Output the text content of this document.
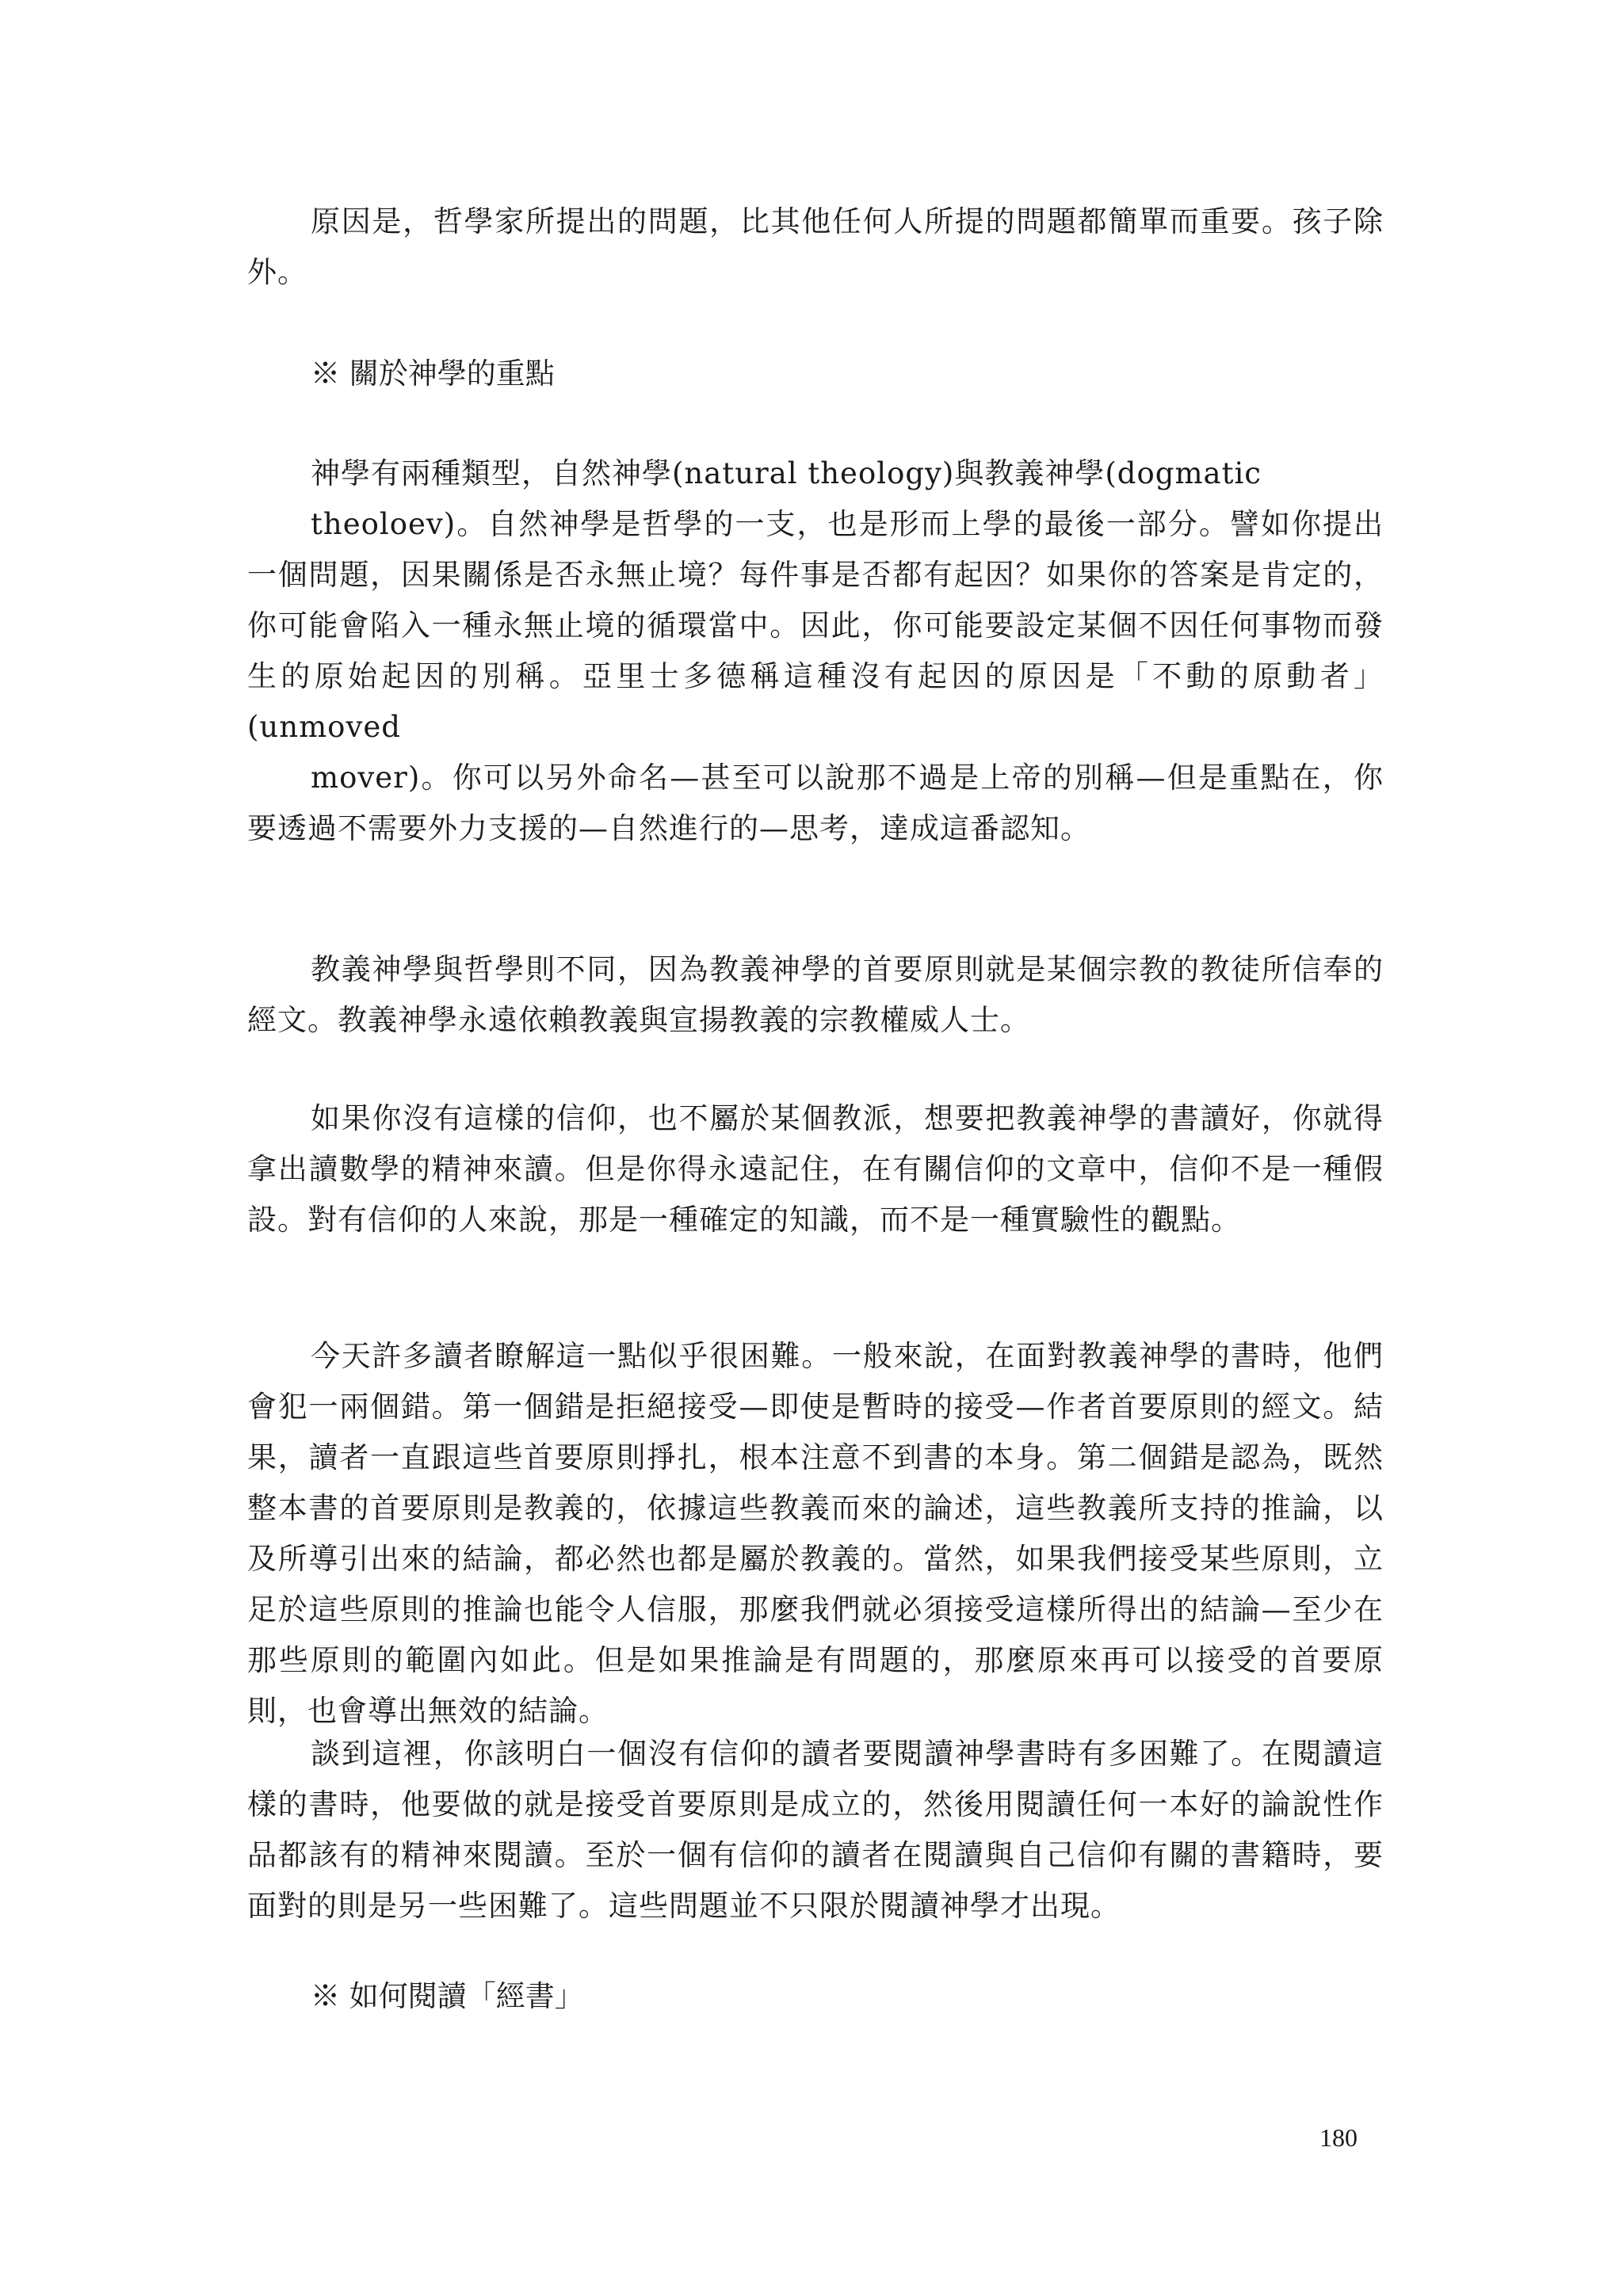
原因是，哲學家所提出的問題，比其他任何人所提的問題都簡單而重要。孩子除外。

※ 關於神學的重點

神學有兩種類型，自然神學(natural theology)與教義神學(dogmatic

theoloev)。自然神學是哲學的一支，也是形而上學的最後一部分。譬如你提出一個問題，因果關係是否永無止境？每件事是否都有起因？如果你的答案是肯定的，你可能會陷入一種永無止境的循環當中。因此，你可能要設定某個不因任何事物而發生的原始起因的別稱。亞里士多德稱這種沒有起因的原因是「不動的原動者」(unmoved

mover)。你可以另外命名—甚至可以說那不過是上帝的別稱—但是重點在，你要透過不需要外力支援的—自然進行的—思考，達成這番認知。

教義神學與哲學則不同，因為教義神學的首要原則就是某個宗教的教徒所信奉的經文。教義神學永遠依賴教義與宣揚教義的宗教權威人士。

如果你沒有這樣的信仰，也不屬於某個教派，想要把教義神學的書讀好，你就得拿出讀數學的精神來讀。但是你得永遠記住，在有關信仰的文章中，信仰不是一種假設。對有信仰的人來說，那是一種確定的知識，而不是一種實驗性的觀點。

今天許多讀者瞭解這一點似乎很困難。一般來說，在面對教義神學的書時，他們會犯一兩個錯。第一個錯是拒絕接受—即使是暫時的接受—作者首要原則的經文。結果，讀者一直跟這些首要原則掙扎，根本注意不到書的本身。第二個錯是認為，既然整本書的首要原則是教義的，依據這些教義而來的論述，這些教義所支持的推論，以及所導引出來的結論，都必然也都是屬於教義的。當然，如果我們接受某些原則，立足於這些原則的推論也能令人信服，那麼我們就必須接受這樣所得出的結論—至少在那些原則的範圍內如此。但是如果推論是有問題的，那麼原來再可以接受的首要原則，也會導出無效的結論。

談到這裡，你該明白一個沒有信仰的讀者要閱讀神學書時有多困難了。在閱讀這樣的書時，他要做的就是接受首要原則是成立的，然後用閱讀任何一本好的論說性作品都該有的精神來閱讀。至於一個有信仰的讀者在閱讀與自己信仰有關的書籍時，要面對的則是另一些困難了。這些問題並不只限於閱讀神學才出現。

※ 如何閱讀「經書」
180
